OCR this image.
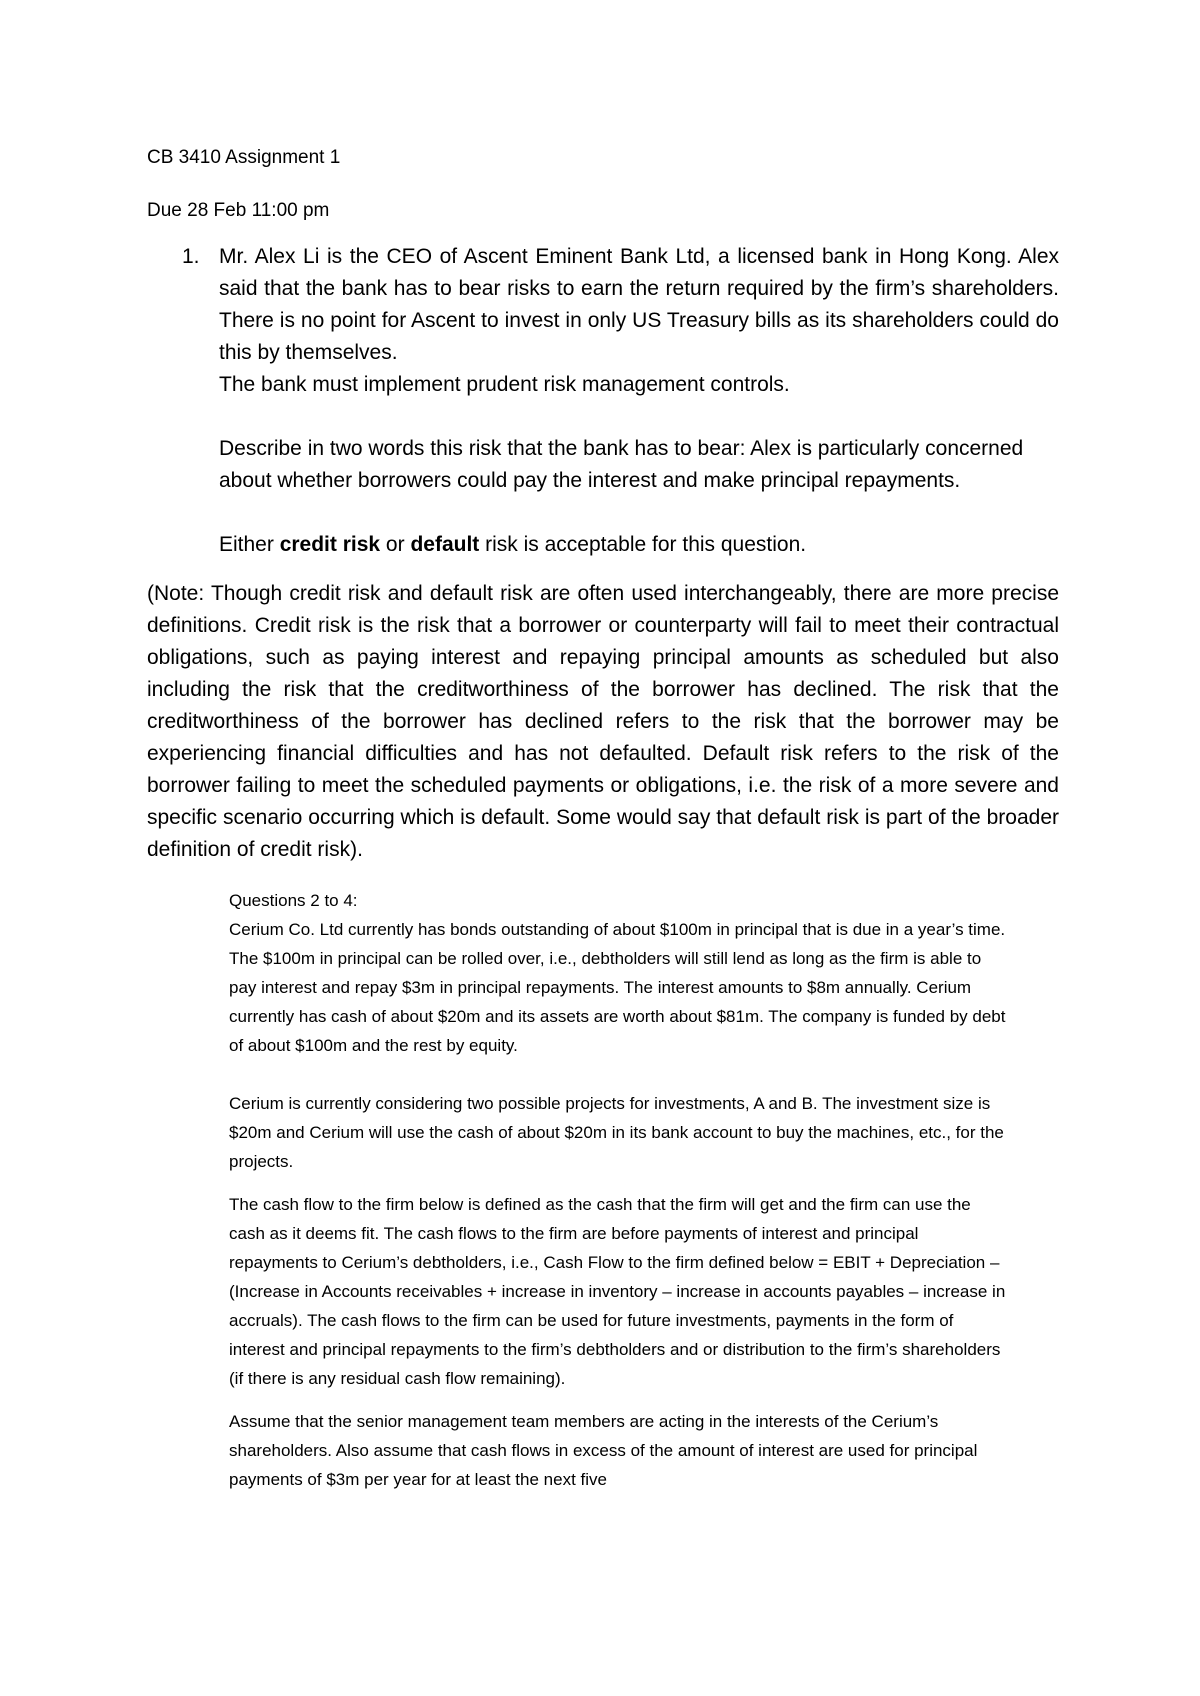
CB 3410 Assignment 1
Due 28 Feb 11:00 pm
1. Mr. Alex Li is the CEO of Ascent Eminent Bank Ltd, a licensed bank in Hong Kong. Alex said that the bank has to bear risks to earn the return required by the firm’s shareholders. There is no point for Ascent to invest in only US Treasury bills as its shareholders could do this by themselves.

The bank must implement prudent risk management controls.

Describe in two words this risk that the bank has to bear: Alex is particularly concerned about whether borrowers could pay the interest and make principal repayments.

Either credit risk or default risk is acceptable for this question.

(Note: Though credit risk and default risk are often used interchangeably, there are more precise definitions. Credit risk is the risk that a borrower or counterparty will fail to meet their contractual obligations, such as paying interest and repaying principal amounts as scheduled but also including the risk that the creditworthiness of the borrower has declined. The risk that the creditworthiness of the borrower has declined refers to the risk that the borrower may be experiencing financial difficulties and has not defaulted. Default risk refers to the risk of the borrower failing to meet the scheduled payments or obligations, i.e. the risk of a more severe and specific scenario occurring which is default. Some would say that default risk is part of the broader definition of credit risk).

Questions 2 to 4:

Cerium Co. Ltd currently has bonds outstanding of about $100m in principal that is due in a year’s time. The $100m in principal can be rolled over, i.e., debtholders will still lend as long as the firm is able to pay interest and repay $3m in principal repayments. The interest amounts to $8m annually. Cerium currently has cash of about $20m and its assets are worth about $81m. The company is funded by debt of about $100m and the rest by equity.

Cerium is currently considering two possible projects for investments, A and B. The investment size is $20m and Cerium will use the cash of about $20m in its bank account to buy the machines, etc., for the projects.

The cash flow to the firm below is defined as the cash that the firm will get and the firm can use the cash as it deems fit. The cash flows to the firm are before payments of interest and principal repayments to Cerium’s debtholders, i.e., Cash Flow to the firm defined below = EBIT + Depreciation – (Increase in Accounts receivables + increase in inventory – increase in accounts payables – increase in accruals). The cash flows to the firm can be used for future investments, payments in the form of interest and principal repayments to the firm’s debtholders and or distribution to the firm’s shareholders (if there is any residual cash flow remaining).

Assume that the senior management team members are acting in the interests of the Cerium’s shareholders. Also assume that cash flows in excess of the amount of interest are used for principal payments of $3m per year for at least the next five
